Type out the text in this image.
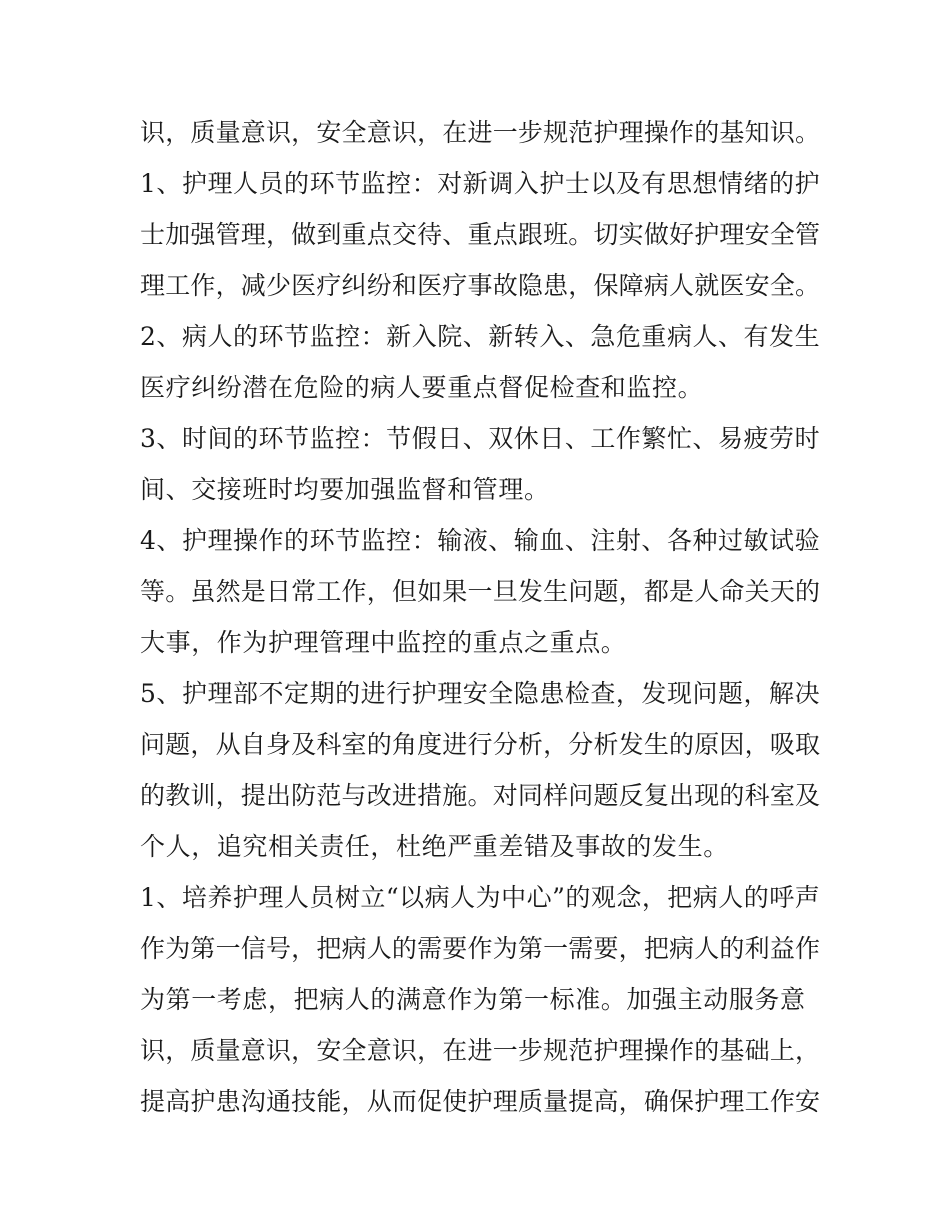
识，质量意识，安全意识，在进一步规范护理操作的基知识。
1、护理人员的环节监控：对新调入护士以及有思想情绪的护
士加强管理，做到重点交待、重点跟班。切实做好护理安全管
理工作，减少医疗纠纷和医疗事故隐患，保障病人就医安全。
2、病人的环节监控：新入院、新转入、急危重病人、有发生
医疗纠纷潜在危险的病人要重点督促检查和监控。
3、时间的环节监控：节假日、双休日、工作繁忙、易疲劳时
间、交接班时均要加强监督和管理。
4、护理操作的环节监控：输液、输血、注射、各种过敏试验
等。虽然是日常工作，但如果一旦发生问题，都是人命关天的
大事，作为护理管理中监控的重点之重点。
5、护理部不定期的进行护理安全隐患检查，发现问题，解决
问题，从自身及科室的角度进行分析，分析发生的原因，吸取
的教训，提出防范与改进措施。对同样问题反复出现的科室及
个人，追究相关责任，杜绝严重差错及事故的发生。
1、培养护理人员树立“以病人为中心”的观念，把病人的呼声
作为第一信号，把病人的需要作为第一需要，把病人的利益作
为第一考虑，把病人的满意作为第一标准。加强主动服务意
识，质量意识，安全意识，在进一步规范护理操作的基础上，
提高护患沟通技能，从而促使护理质量提高，确保护理工作安
